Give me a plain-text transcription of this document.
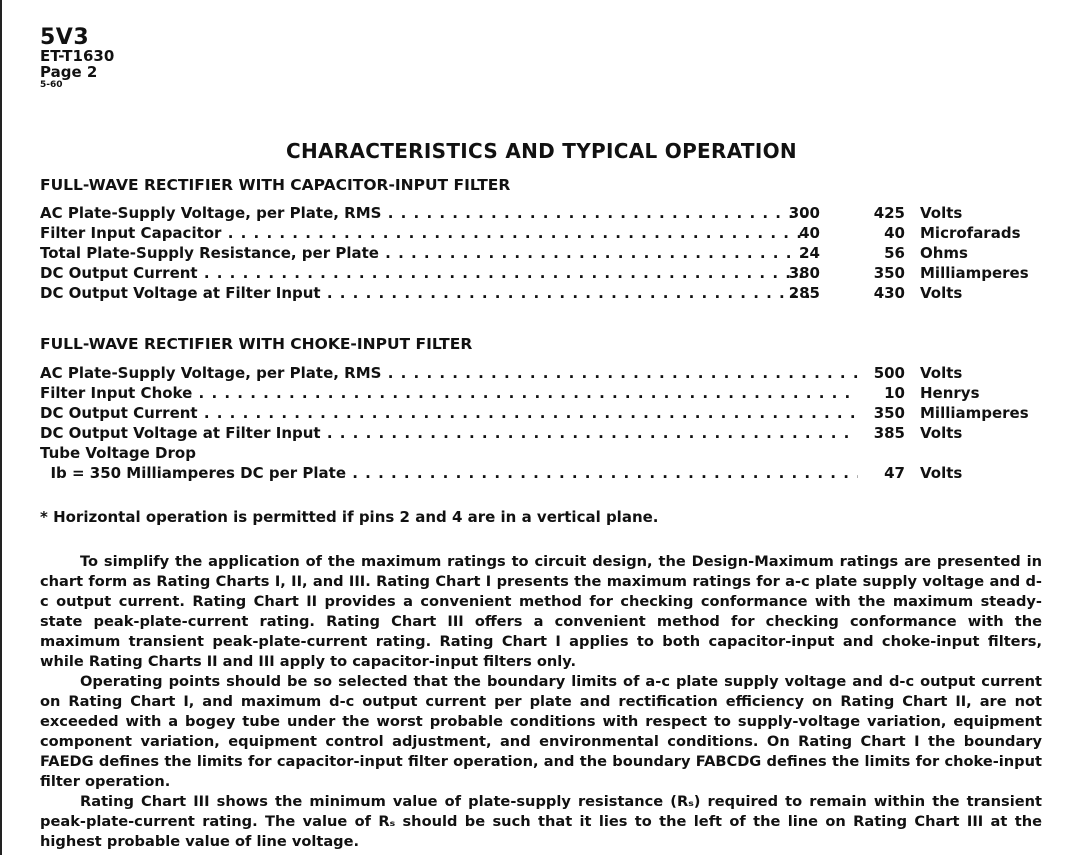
5V3
ET-T1630
Page 2
5-60
CHARACTERISTICS AND TYPICAL OPERATION
FULL-WAVE RECTIFIER WITH CAPACITOR-INPUT FILTER
AC Plate-Supply Voltage, per Plate, RMS . . .	300	425 Volts
Filter Input Capacitor . . .	40	40 Microfarads
Total Plate-Supply Resistance, per Plate . . .	24	56 Ohms
DC Output Current . . .	380	350 Milliamperes
DC Output Voltage at Filter Input . . .	285	430 Volts
FULL-WAVE RECTIFIER WITH CHOKE-INPUT FILTER
AC Plate-Supply Voltage, per Plate, RMS . . .	500 Volts
Filter Input Choke . . .	10 Henrys
DC Output Current . . .	350 Milliamperes
DC Output Voltage at Filter Input . . .	385 Volts
Tube Voltage Drop
Ib = 350 Milliamperes DC per Plate . . .	47 Volts
* Horizontal operation is permitted if pins 2 and 4 are in a vertical plane.

To simplify the application of the maximum ratings to circuit design, the Design-Maximum ratings are presented in chart form as Rating Charts I, II, and III. Rating Chart I presents the maximum ratings for a-c plate supply voltage and d-c output current. Rating Chart II provides a convenient method for checking conformance with the maximum steady-state peak-plate-current rating. Rating Chart III offers a convenient method for checking conformance with the maximum transient peak-plate-current rating. Rating Chart I applies to both capacitor-input and choke-input filters, while Rating Charts II and III apply to capacitor-input filters only.

Operating points should be so selected that the boundary limits of a-c plate supply voltage and d-c output current on Rating Chart I, and maximum d-c output current per plate and rectification efficiency on Rating Chart II, are not exceeded with a bogey tube under the worst probable conditions with respect to supply-voltage variation, equipment component variation, equipment control adjustment, and environmental conditions. On Rating Chart I the boundary FAEDG defines the limits for capacitor-input filter operation, and the boundary FABCDG defines the limits for choke-input filter operation.

Rating Chart III shows the minimum value of plate-supply resistance (Rₛ) required to remain within the transient peak-plate-current rating. The value of Rₛ should be such that it lies to the left of the line on Rating Chart III at the highest probable value of line voltage.
